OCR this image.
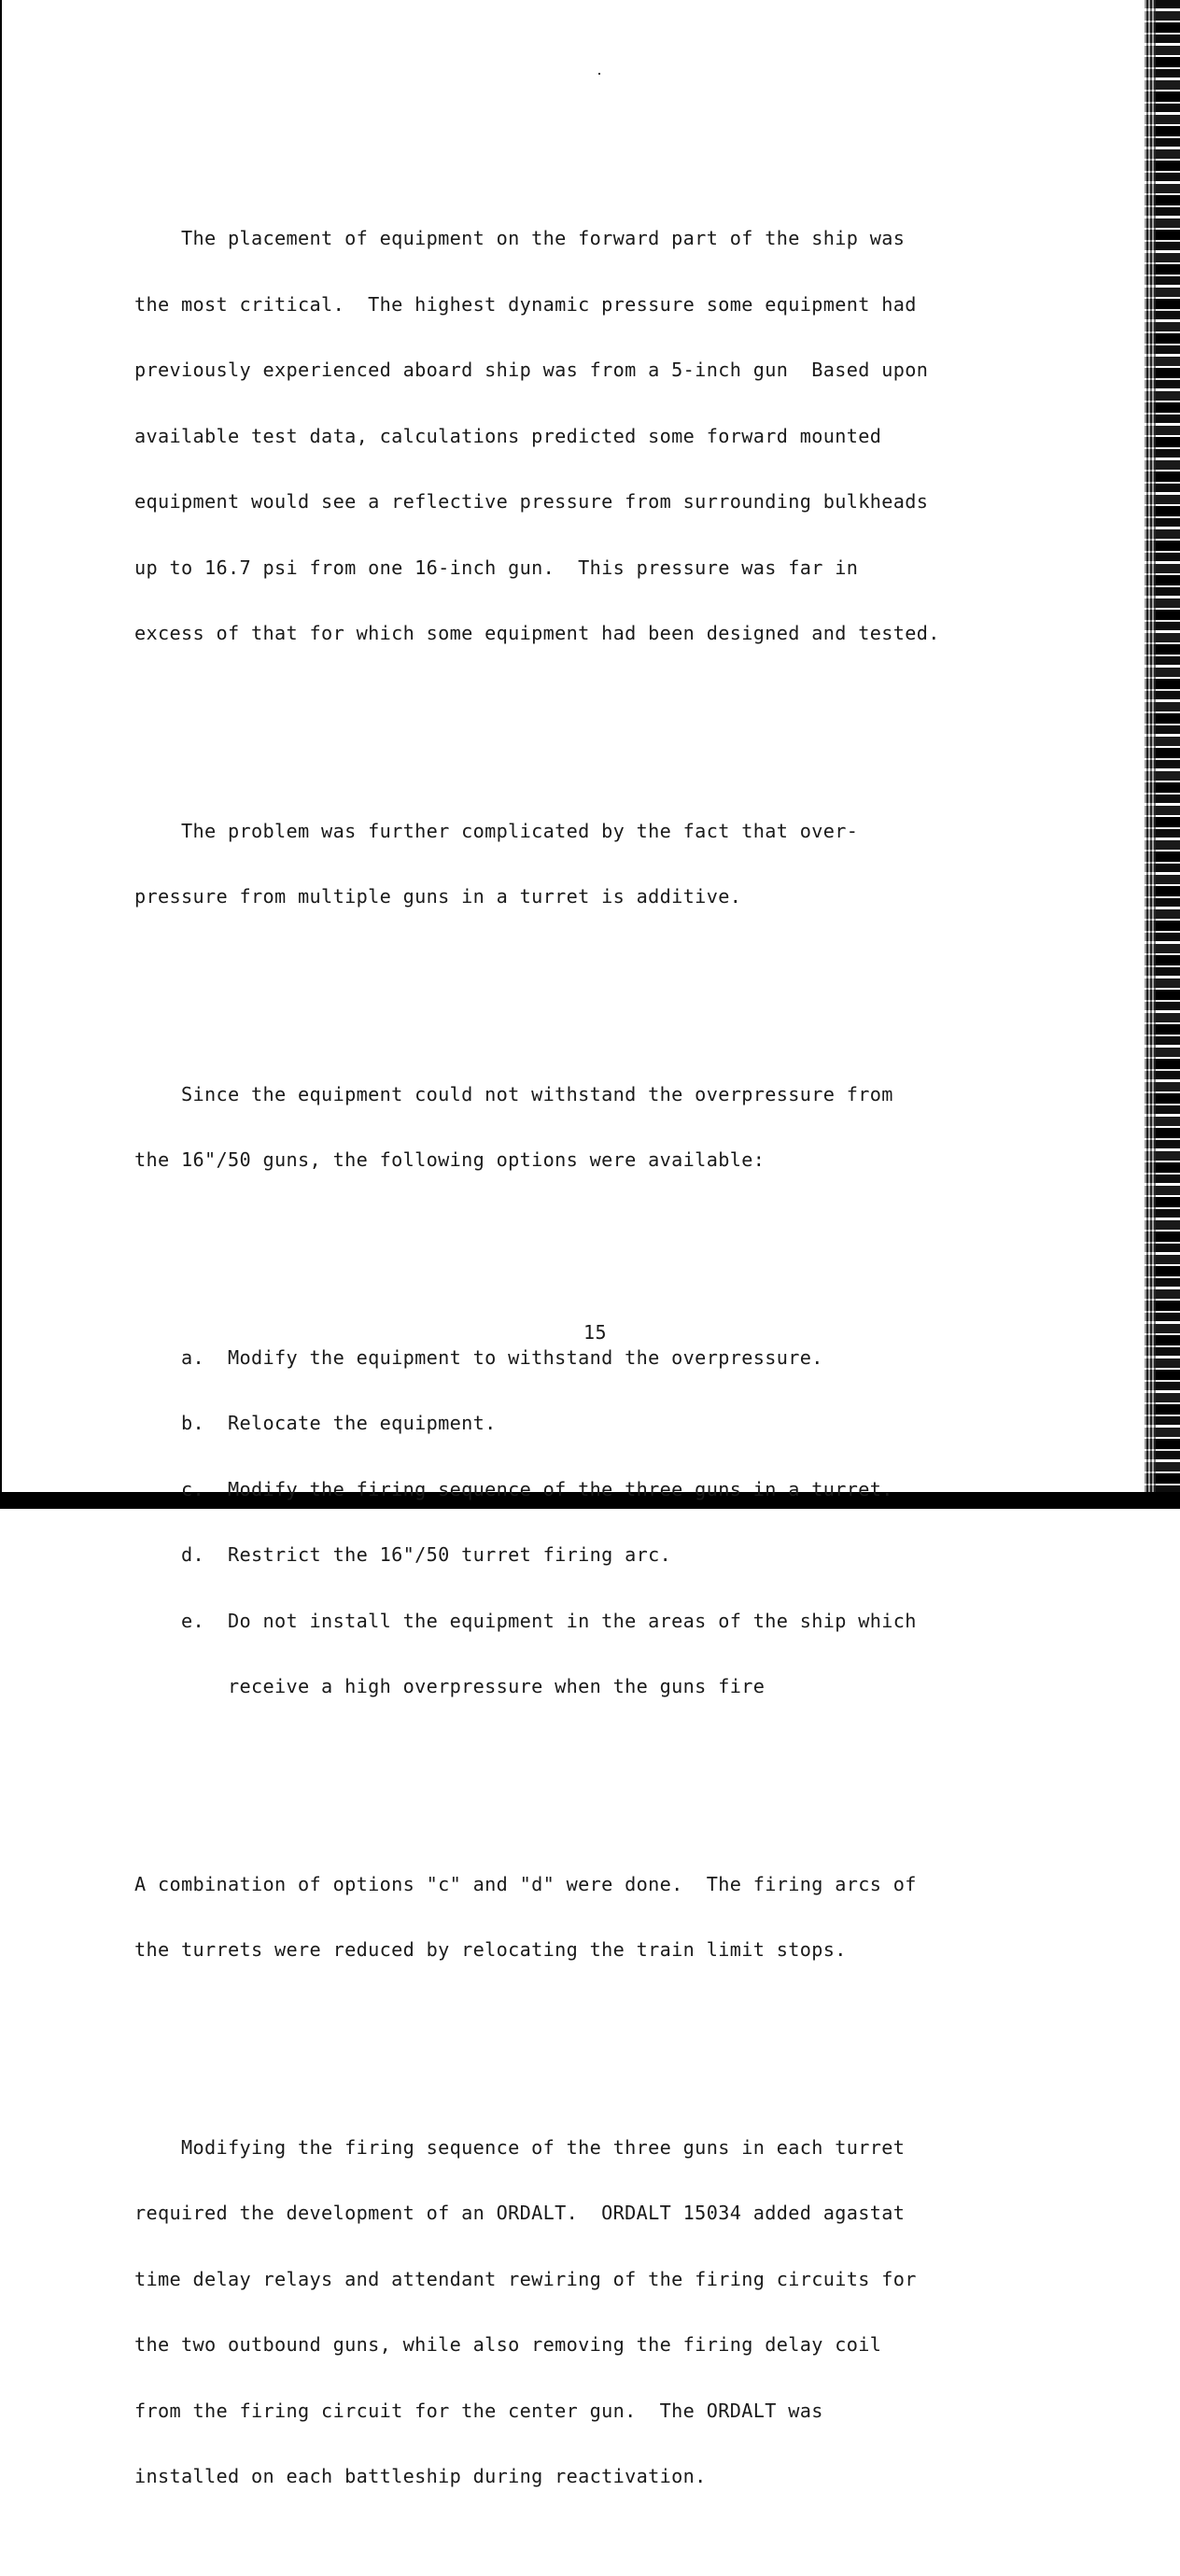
The placement of equipment on the forward part of the ship was

the most critical.  The highest dynamic pressure some equipment had

previously experienced aboard ship was from a 5-inch gun  Based upon

available test data, calculations predicted some forward mounted

equipment would see a reflective pressure from surrounding bulkheads

up to 16.7 psi from one 16-inch gun.  This pressure was far in

excess of that for which some equipment had been designed and tested.

The problem was further complicated by the fact that over-

pressure from multiple guns in a turret is additive.

Since the equipment could not withstand the overpressure from

the 16"/50 guns, the following options were available:

a.  Modify the equipment to withstand the overpressure.

b.  Relocate the equipment.

c.  Modify the firing sequence of the three guns in a turret.

d.  Restrict the 16"/50 turret firing arc.

e.  Do not install the equipment in the areas of the ship which

receive a high overpressure when the guns fire

A combination of options "c" and "d" were done.  The firing arcs of

the turrets were reduced by relocating the train limit stops.

Modifying the firing sequence of the three guns in each turret

required the development of an ORDALT.  ORDALT 15034 added agastat

time delay relays and attendant rewiring of the firing circuits for

the two outbound guns, while also removing the firing delay coil

from the firing circuit for the center gun.  The ORDALT was

installed on each battleship during reactivation.

15
